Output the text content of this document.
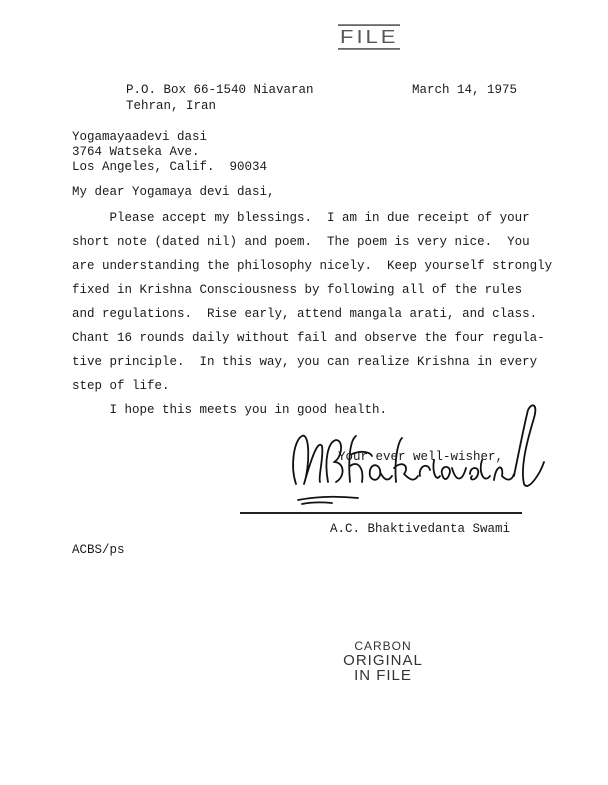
FILE
P.O. Box 66-1540 Niavaran
Tehran, Iran
March 14, 1975
Yogamayaadevi dasi
3764 Watseka Ave.
Los Angeles, Calif.  90034
My dear Yogamaya devi dasi,
Please accept my blessings.  I am in due receipt of your
short note (dated nil) and poem.  The poem is very nice.  You
are understanding the philosophy nicely.  Keep yourself strongly
fixed in Krishna Consciousness by following all of the rules
and regulations.  Rise early, attend mangala arati, and class.
Chant 16 rounds daily without fail and observe the four regula-
tive principle.  In this way, you can realize Krishna in every
step of life.
I hope this meets you in good health.
Your ever well-wisher,
A.C. Bhaktivedanta Swami
ACBS/ps
CARBON
ORIGINAL
IN FILE
